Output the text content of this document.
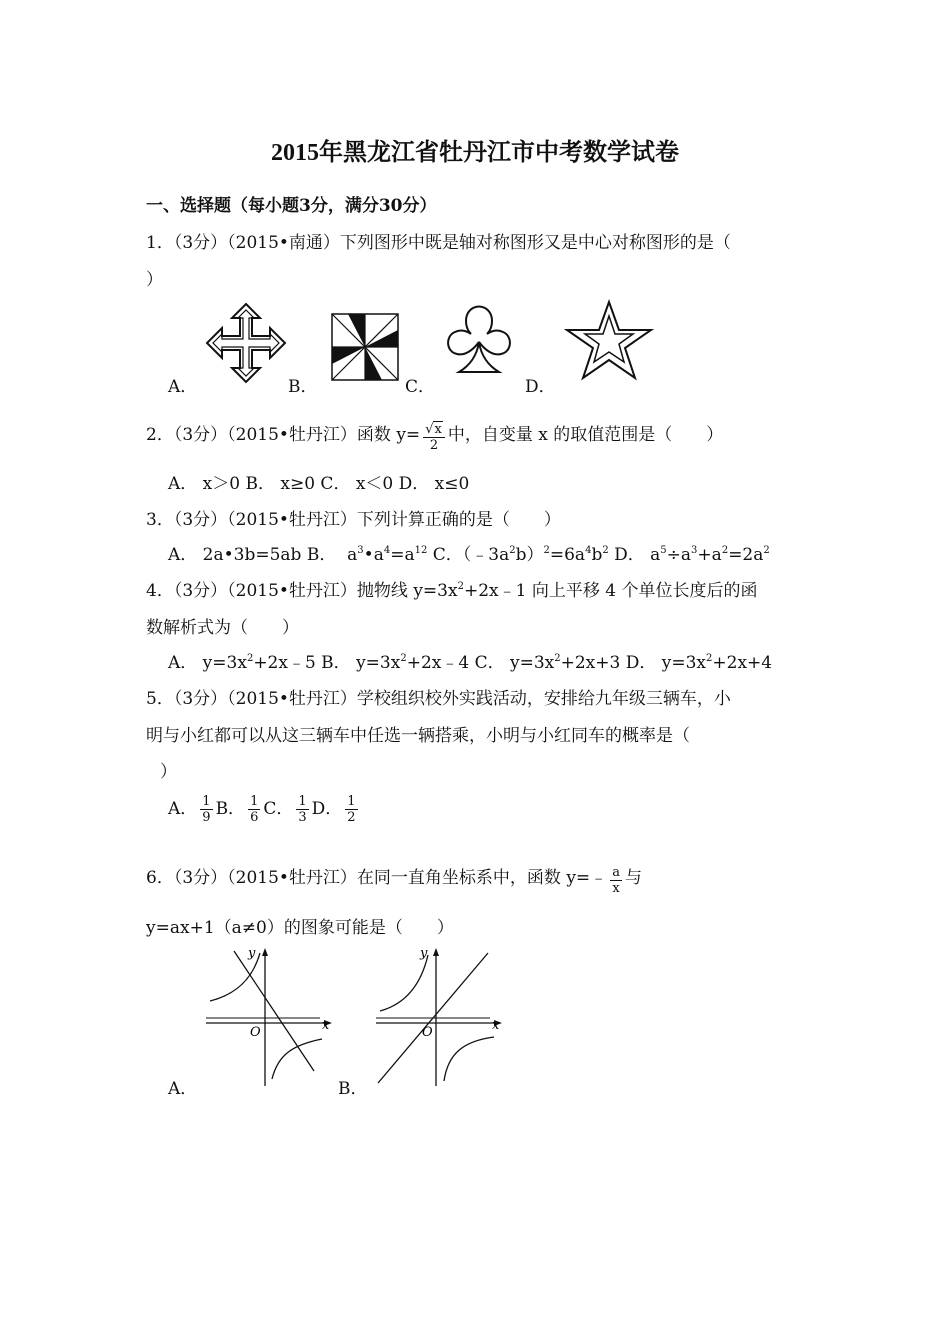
2015年黑龙江省牡丹江市中考数学试卷
一、选择题（每小题3分，满分30分）
1．（3分）（2015•南通）下列图形中既是轴对称图形又是中心对称图形的是（
）
A．	B．	C．	D．
2．（3分）（2015•牡丹江）函数 $y= \frac{√x}{2}$ 中，自变量 x 的取值范围是（　　）
A． x＞0 B． x≥0 C． x＜0 D． x≤0
3．（3分）（2015•牡丹江）下列计算正确的是（　　）
A． 2a•3b=5ab B． $a^3•a^4=a^{12}$ C．$(﹣3a^2b)^2=6a^4b^2$ D． $a^5\div a^3+a^2=2a^2$
4．（3分）（2015•牡丹江）抛物线 $y=3x^2+2x﹣1$ 向上平移 4 个单位长度后的函
数解析式为（　　）
A． $y=3x^2+2x﹣5$ B． $y=3x^2+2x﹣4$ C． $y=3x^2+2x+3$ D． $y=3x^2+2x+4$
5．（3分）（2015•牡丹江）学校组织校外实践活动，安排给九年级三辆车，小
明与小红都可以从这三辆车中任选一辆搭乘，小明与小红同车的概率是（
）
A． $\frac{1}{9}$ B． $\frac{1}{6}$ C． $\frac{1}{3}$ D． $\frac{1}{2}$
6．（3分）（2015•牡丹江）在同一直角坐标系中，函数 y=﹣ $\frac{a}{x}$ 与
y=ax+1（a≠0）的图象可能是（　　）
y
x
O
y
x
O
A．	B．
